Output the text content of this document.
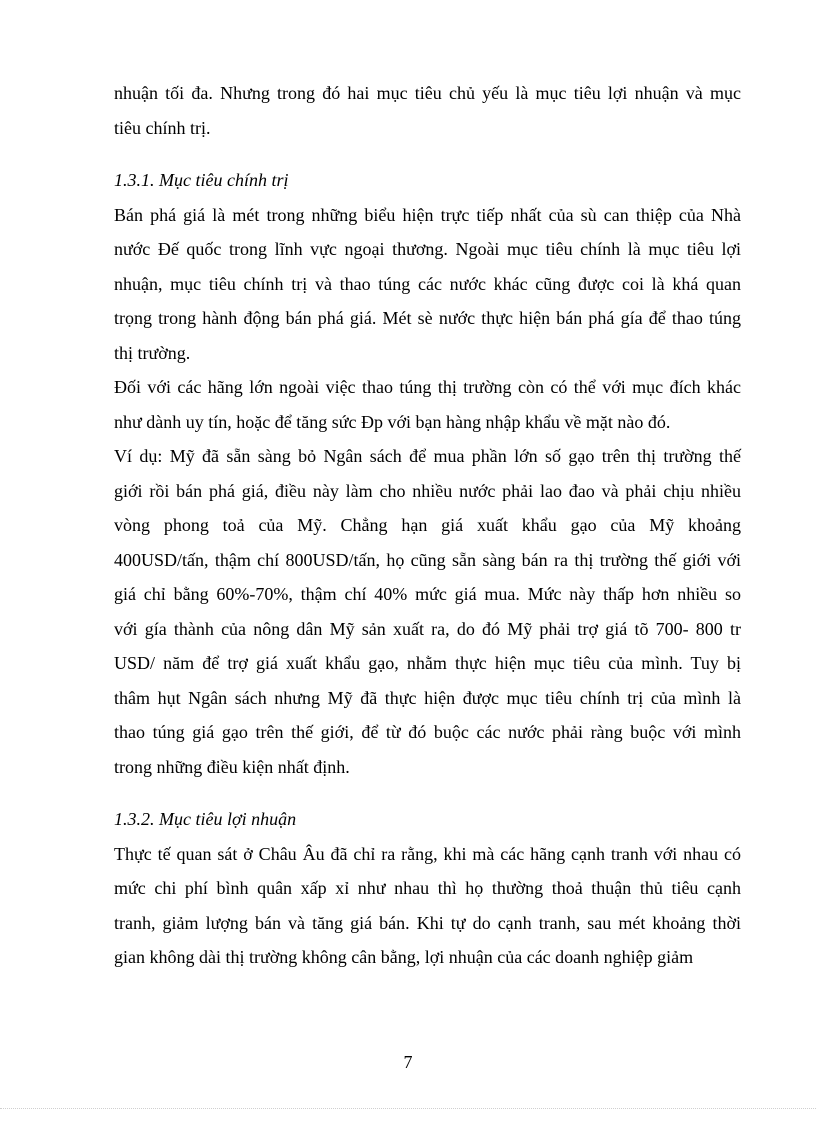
nhuận tối đa. Nhưng trong đó hai mục tiêu chủ yếu là mục tiêu lợi nhuận và mục
tiêu chính trị.
1.3.1. Mục tiêu chính trị
Bán phá giá là mét trong những biểu hiện trực tiếp nhất của sù can thiệp của Nhà
nước Đế quốc trong lĩnh vực ngoại thương. Ngoài mục tiêu chính là mục tiêu lợi
nhuận, mục tiêu chính trị và thao túng các nước khác cũng được coi là khá quan
trọng trong hành động bán phá giá. Mét sè nước thực hiện bán phá gía để thao túng
thị trường.
Đối với các hãng lớn ngoài việc thao túng thị trường còn có thể với mục đích khác
như dành uy tín, hoặc để tăng sức Đp với bạn hàng nhập khẩu về mặt nào đó.
Ví dụ: Mỹ đã sẵn sàng bỏ Ngân sách để mua phần lớn số gạo trên thị trường thế
giới rồi bán phá giá, điều này làm cho nhiều nước phải lao đao và phải chịu nhiều
vòng phong toả của Mỹ. Chẳng hạn giá xuất khẩu gạo của Mỹ khoảng
400USD/tấn, thậm chí 800USD/tấn, họ cũng sẵn sàng bán ra thị trường thế giới với
giá chỉ bằng 60%-70%, thậm chí 40% mức giá mua. Mức này thấp hơn nhiều so
với gía thành của nông dân Mỹ sản xuất ra, do đó Mỹ phải trợ giá tõ 700- 800 tr
USD/ năm để trợ giá xuất khẩu gạo, nhằm thực hiện mục tiêu của mình. Tuy bị
thâm hụt Ngân sách nhưng Mỹ đã thực hiện được mục tiêu chính trị của mình là
thao túng giá gạo trên thế giới, để từ đó buộc các nước phải ràng buộc với mình
trong những điều kiện nhất định.
1.3.2. Mục tiêu lợi nhuận
Thực tế quan sát ở Châu Âu đã chỉ ra rằng, khi mà các hãng cạnh tranh với nhau có
mức chi phí bình quân xấp xỉ như nhau thì họ thường thoả thuận thủ tiêu cạnh
tranh, giảm lượng bán và tăng giá bán. Khi tự do cạnh tranh, sau mét khoảng thời
gian không dài thị trường không cân bằng, lợi nhuận của các doanh nghiệp giảm
7
